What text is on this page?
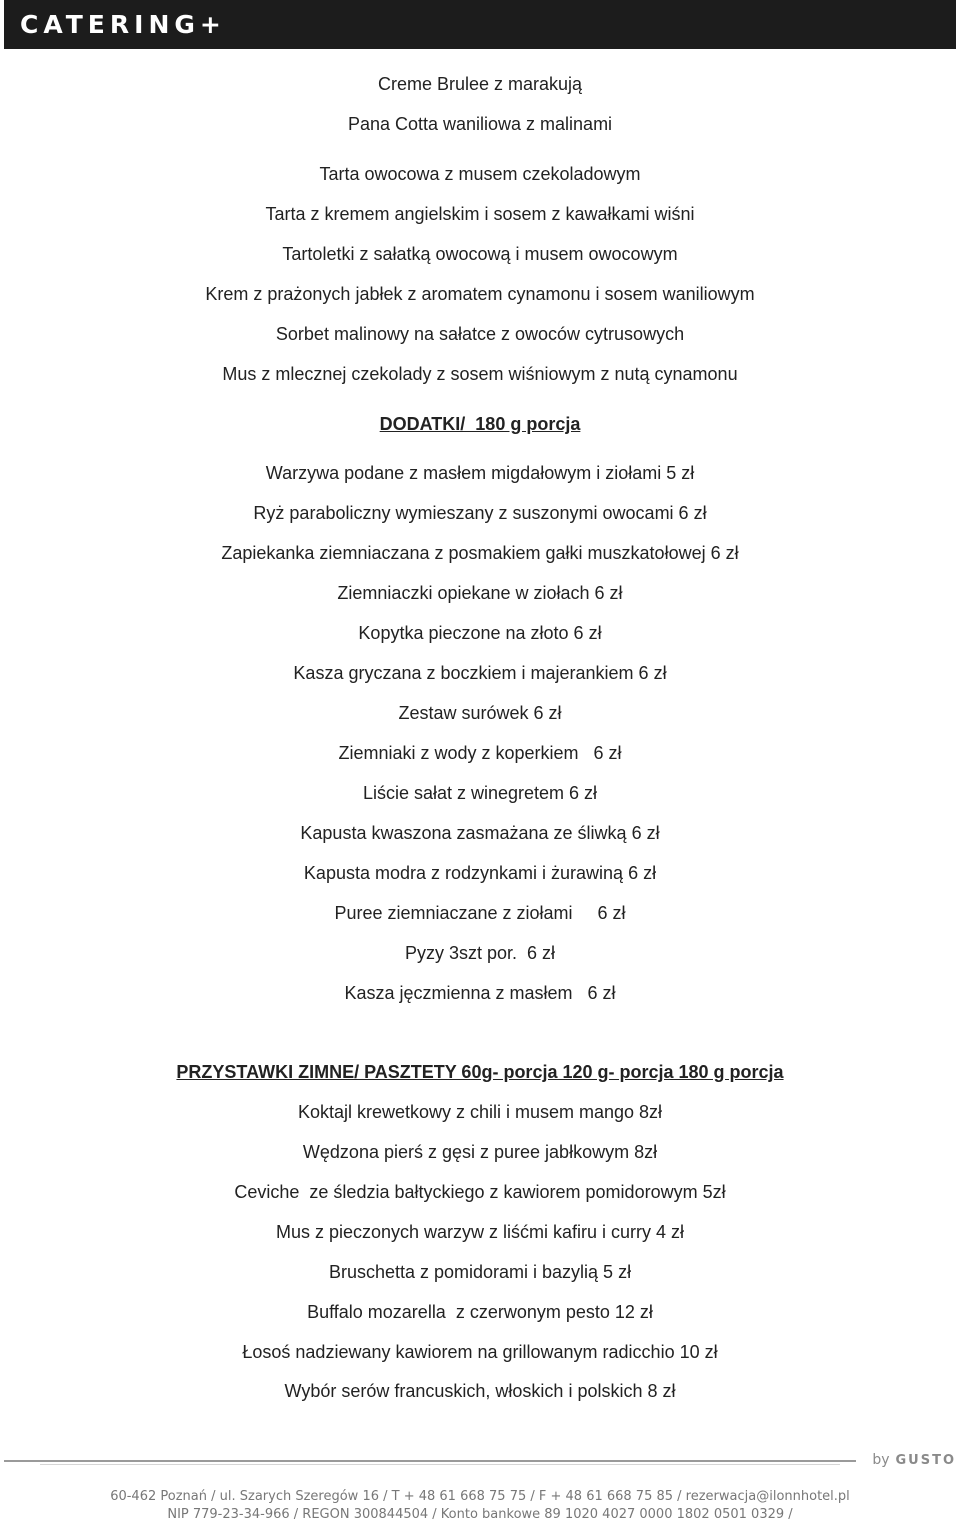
CATERING+
Creme Brulee z marakują
Pana Cotta waniliowa z malinami
Tarta owocowa z musem czekoladowym
Tarta z kremem angielskim i sosem z kawałkami wiśni
Tartoletki z sałatką owocową i musem owocowym
Krem z prażonych jabłek z aromatem cynamonu i sosem waniliowym
Sorbet malinowy na sałatce z owoców cytrusowych
Mus z mlecznej czekolady z sosem wiśniowym z nutą cynamonu
DODATKI/  180 g porcja
Warzywa podane z masłem migdałowym i ziołami 5 zł
Ryż paraboliczny wymieszany z suszonymi owocami 6 zł
Zapiekanka ziemniaczana z posmakiem gałki muszkatołowej 6 zł
Ziemniaczki opiekane w ziołach 6 zł
Kopytka pieczone na złoto 6 zł
Kasza gryczana z boczkiem i majerankiem 6 zł
Zestaw surówek 6 zł
Ziemniaki z wody z koperkiem   6 zł
Liście sałat z winegretem 6 zł
Kapusta kwaszona zasmażana ze śliwką 6 zł
Kapusta modra z rodzynkami i żurawiną 6 zł
Puree ziemniaczane z ziołami     6 zł
Pyzy 3szt por.  6 zł
Kasza jęczmienna z masłem   6 zł
PRZYSTAWKI ZIMNE/ PASZTETY 60g- porcja 120 g- porcja 180 g porcja
Koktajl krewetkowy z chili i musem mango 8zł
Wędzona pierś z gęsi z puree jabłkowym 8zł
Ceviche  ze śledzia bałtyckiego z kawiorem pomidorowym 5zł
Mus z pieczonych warzyw z liśćmi kafiru i curry 4 zł
Bruschetta z pomidorami i bazylią 5 zł
Buffalo mozarella  z czerwonym pesto 12 zł
Łosoś nadziewany kawiorem na grillowanym radicchio 10 zł
Wybór serów francuskich, włoskich i polskich 8 zł
by GUSTO
60-462 Poznań / ul. Szarych Szeregów 16 / T + 48 61 668 75 75 / F + 48 61 668 75 85 / rezerwacja@ilonnhotel.pl
NIP 779-23-34-966 / REGON 300844504 / Konto bankowe 89 1020 4027 0000 1802 0501 0329 /
